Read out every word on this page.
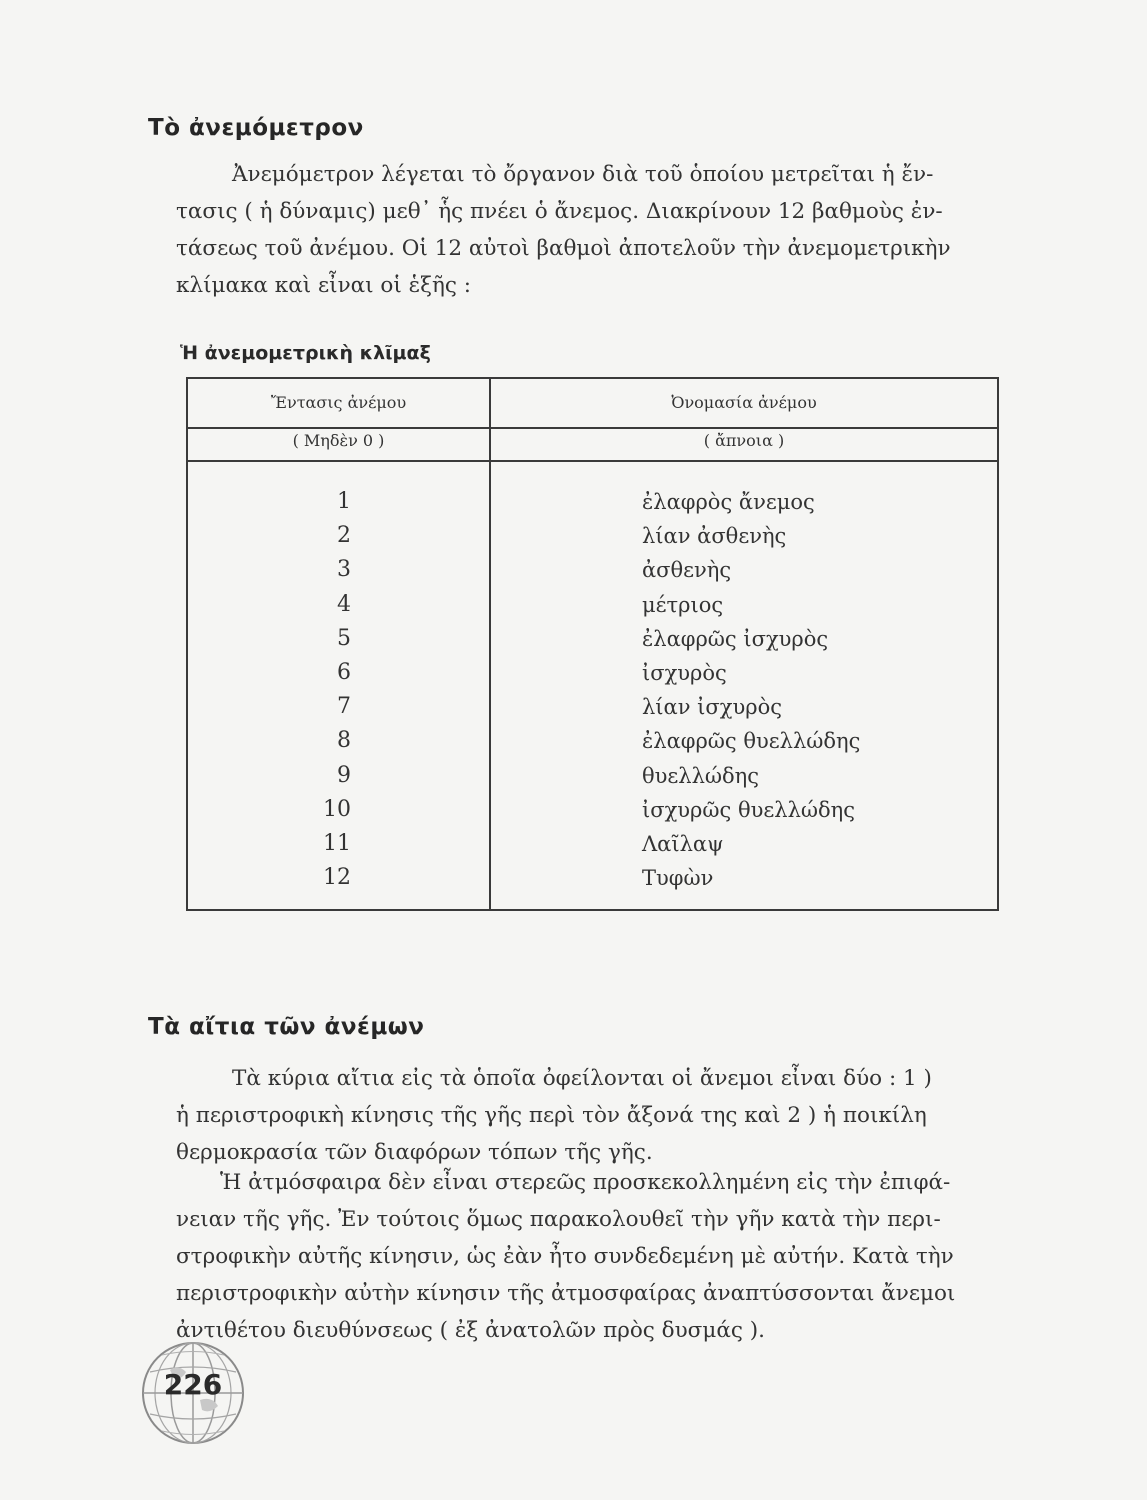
Τὸ ἀνεμόμετρον

Ἀνεμόμετρον λέγεται τὸ ὄργανον διὰ τοῦ ὁποίου μετρεῖται ἡ ἔν-
τασις ( ἡ δύναμις) μεθ᾿ ἧς πνέει ὁ ἄνεμος. Διακρίνουν 12 βαθμοὺς ἐν-
τάσεως τοῦ ἀνέμου. Οἱ 12 αὐτοὶ βαθμοὶ ἀποτελοῦν τὴν ἀνεμομετρικὴν
κλίμακα καὶ εἶναι οἱ ἑξῆς :

Ἡ ἀνεμομετρικὴ κλῖμαξ
Ἔντασις ἀνέμου	Ὀνομασία ἀνέμου
( Μηδὲν 0 )	( ἄπνοια )
1
2
3
4
5
6
7
8
9
10
11
12
ἐλαφρὸς ἄνεμος
λίαν ἀσθενὴς
ἀσθενὴς
μέτριος
ἐλαφρῶς ἰσχυρὸς
ἰσχυρὸς
λίαν ἰσχυρὸς
ἐλαφρῶς θυελλώδης
θυελλώδης
ἰσχυρῶς θυελλώδης
Λαῖλαψ
Τυφὼν
Τὰ αἴτια τῶν ἀνέμων

Τὰ κύρια αἴτια εἰς τὰ ὁποῖα ὀφείλονται οἱ ἄνεμοι εἶναι δύο : 1 )
ἡ περιστροφικὴ κίνησις τῆς γῆς περὶ τὸν ἄξονά της καὶ 2 ) ἡ ποικίλη
θερμοκρασία τῶν διαφόρων τόπων τῆς γῆς.

Ἡ ἀτμόσφαιρα δὲν εἶναι στερεῶς προσκεκολλημένη εἰς τὴν ἐπιφά-
νειαν τῆς γῆς. Ἐν τούτοις ὅμως παρακολουθεῖ τὴν γῆν κατὰ τὴν περι-
στροφικὴν αὐτῆς κίνησιν, ὡς ἐὰν ἦτο συνδεδεμένη μὲ αὐτήν. Κατὰ τὴν
περιστροφικὴν αὐτὴν κίνησιν τῆς ἀτμοσφαίρας ἀναπτύσσονται ἄνεμοι
ἀντιθέτου διευθύνσεως ( ἐξ ἀνατολῶν πρὸς δυσμάς ).

226
